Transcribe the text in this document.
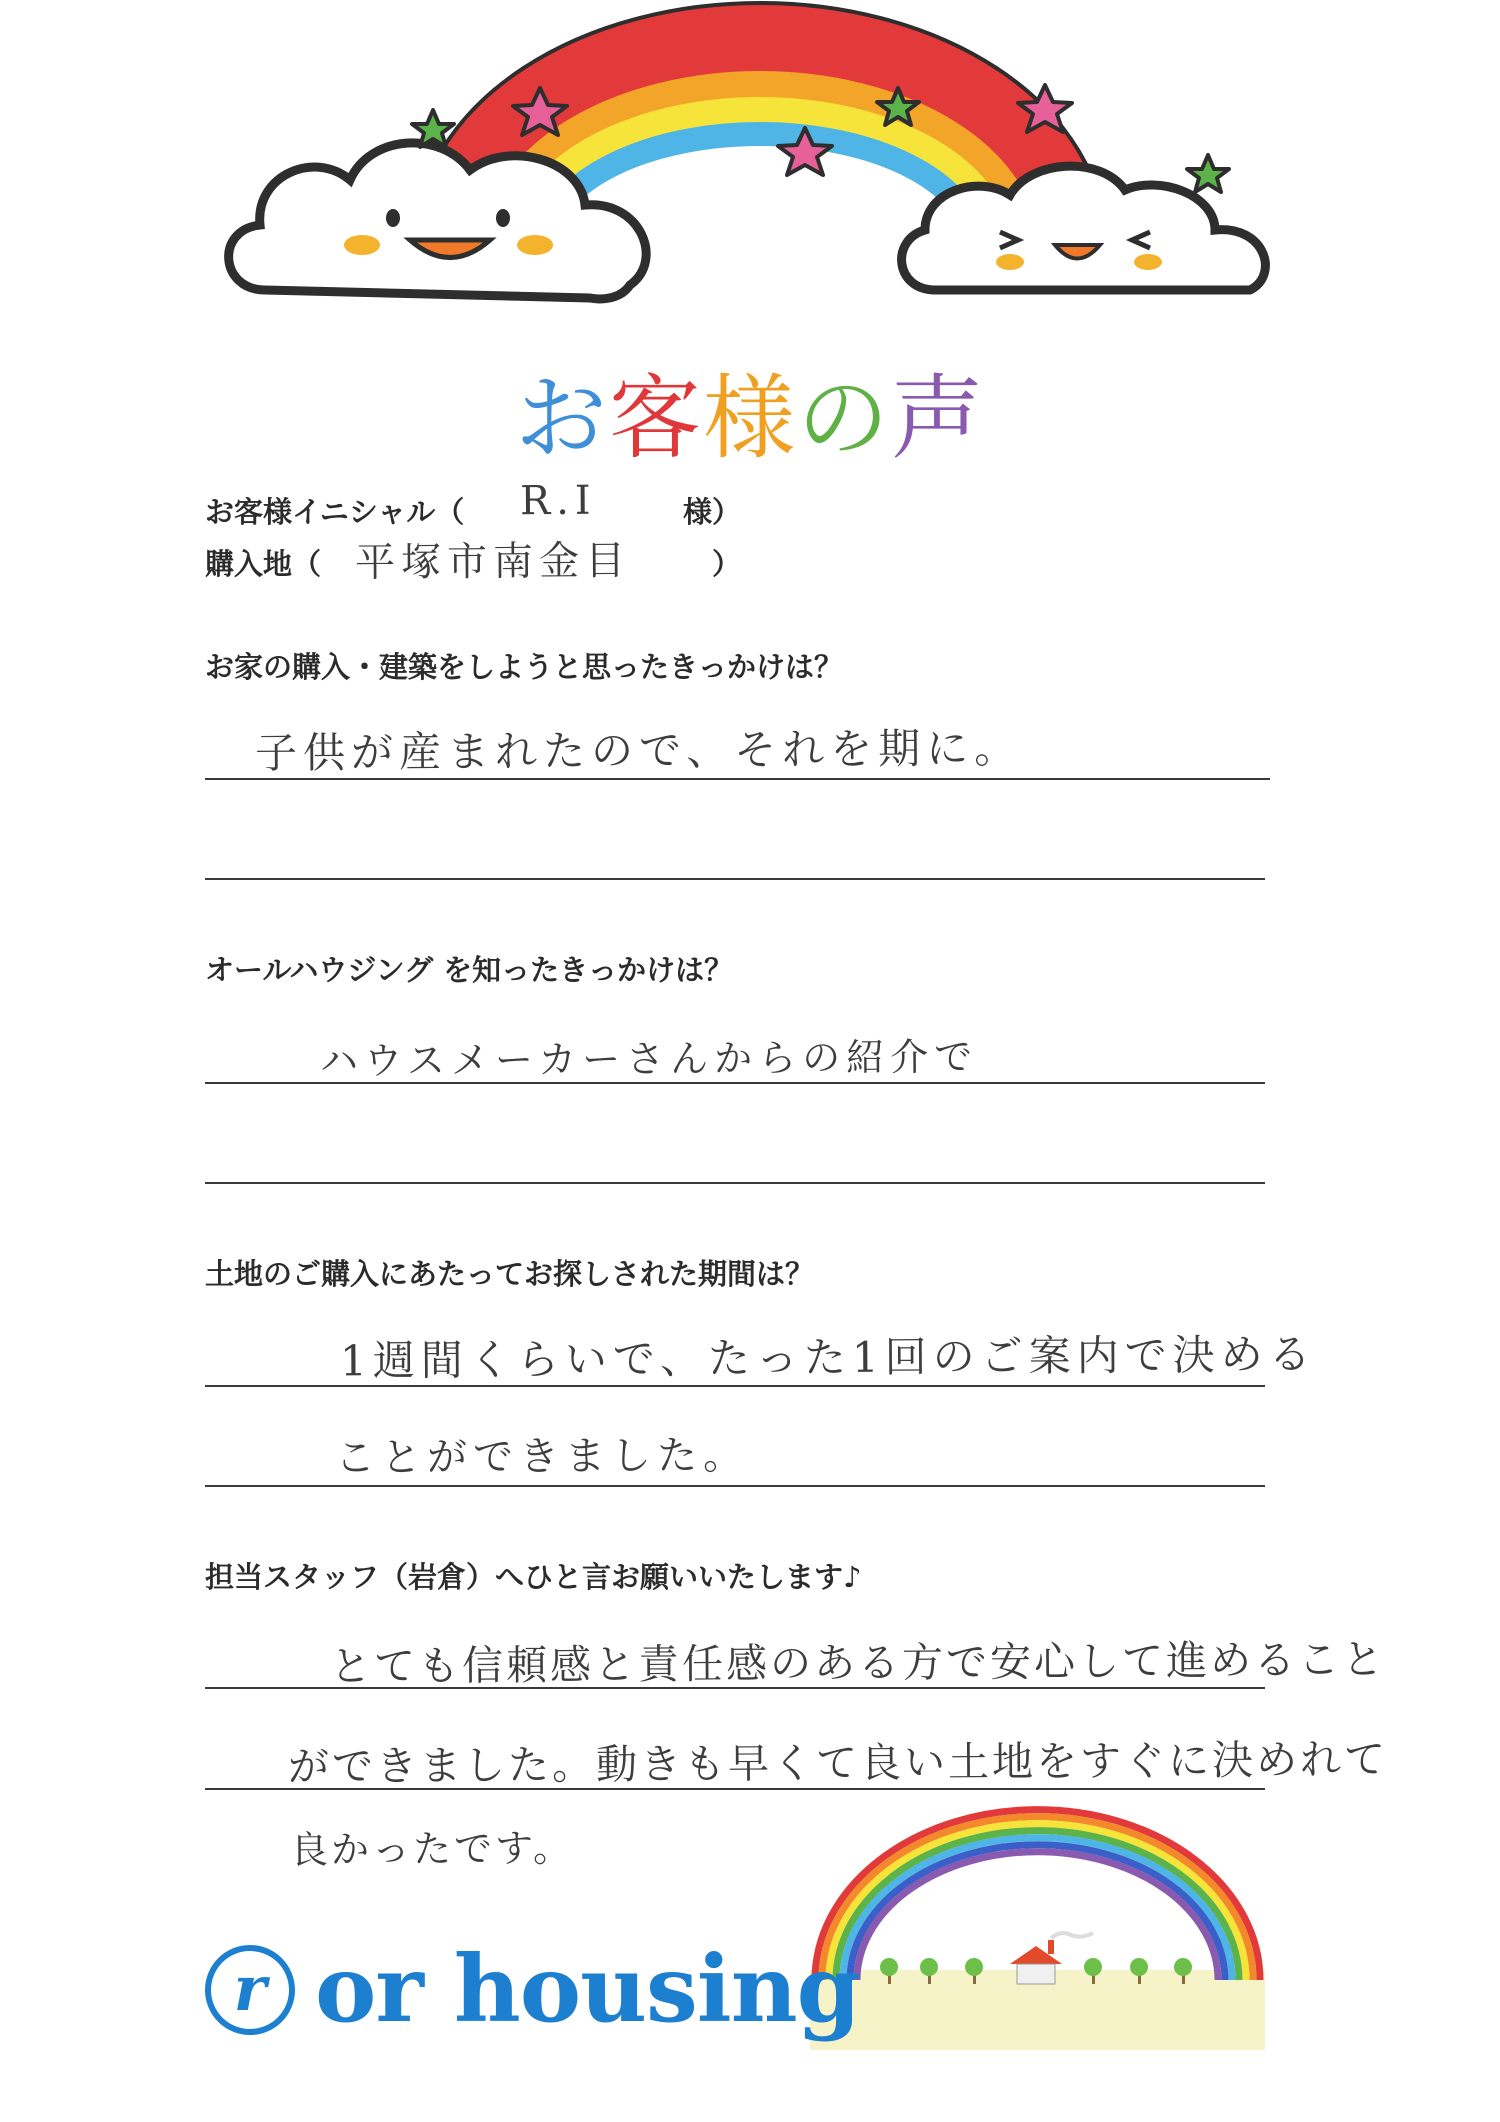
お客様の声
お客様イニシャル（ R.I	様）
購入地（ 平塚市南金目	）
お家の購入・建築をしようと思ったきっかけは？
子供が産まれたので、それを期に。
オールハウジング を知ったきっかけは？
ハウスメーカーさんからの紹介で
土地のご購入にあたってお探しされた期間は？
1週間くらいで、たった1回のご案内で決める
ことができました。
担当スタッフ（岩倉）へひと言お願いいたします♪
とても信頼感と責任感のある方で安心して進めること
ができました。動きも早くて良い土地をすぐに決めれて
良かったです。
r or housing
